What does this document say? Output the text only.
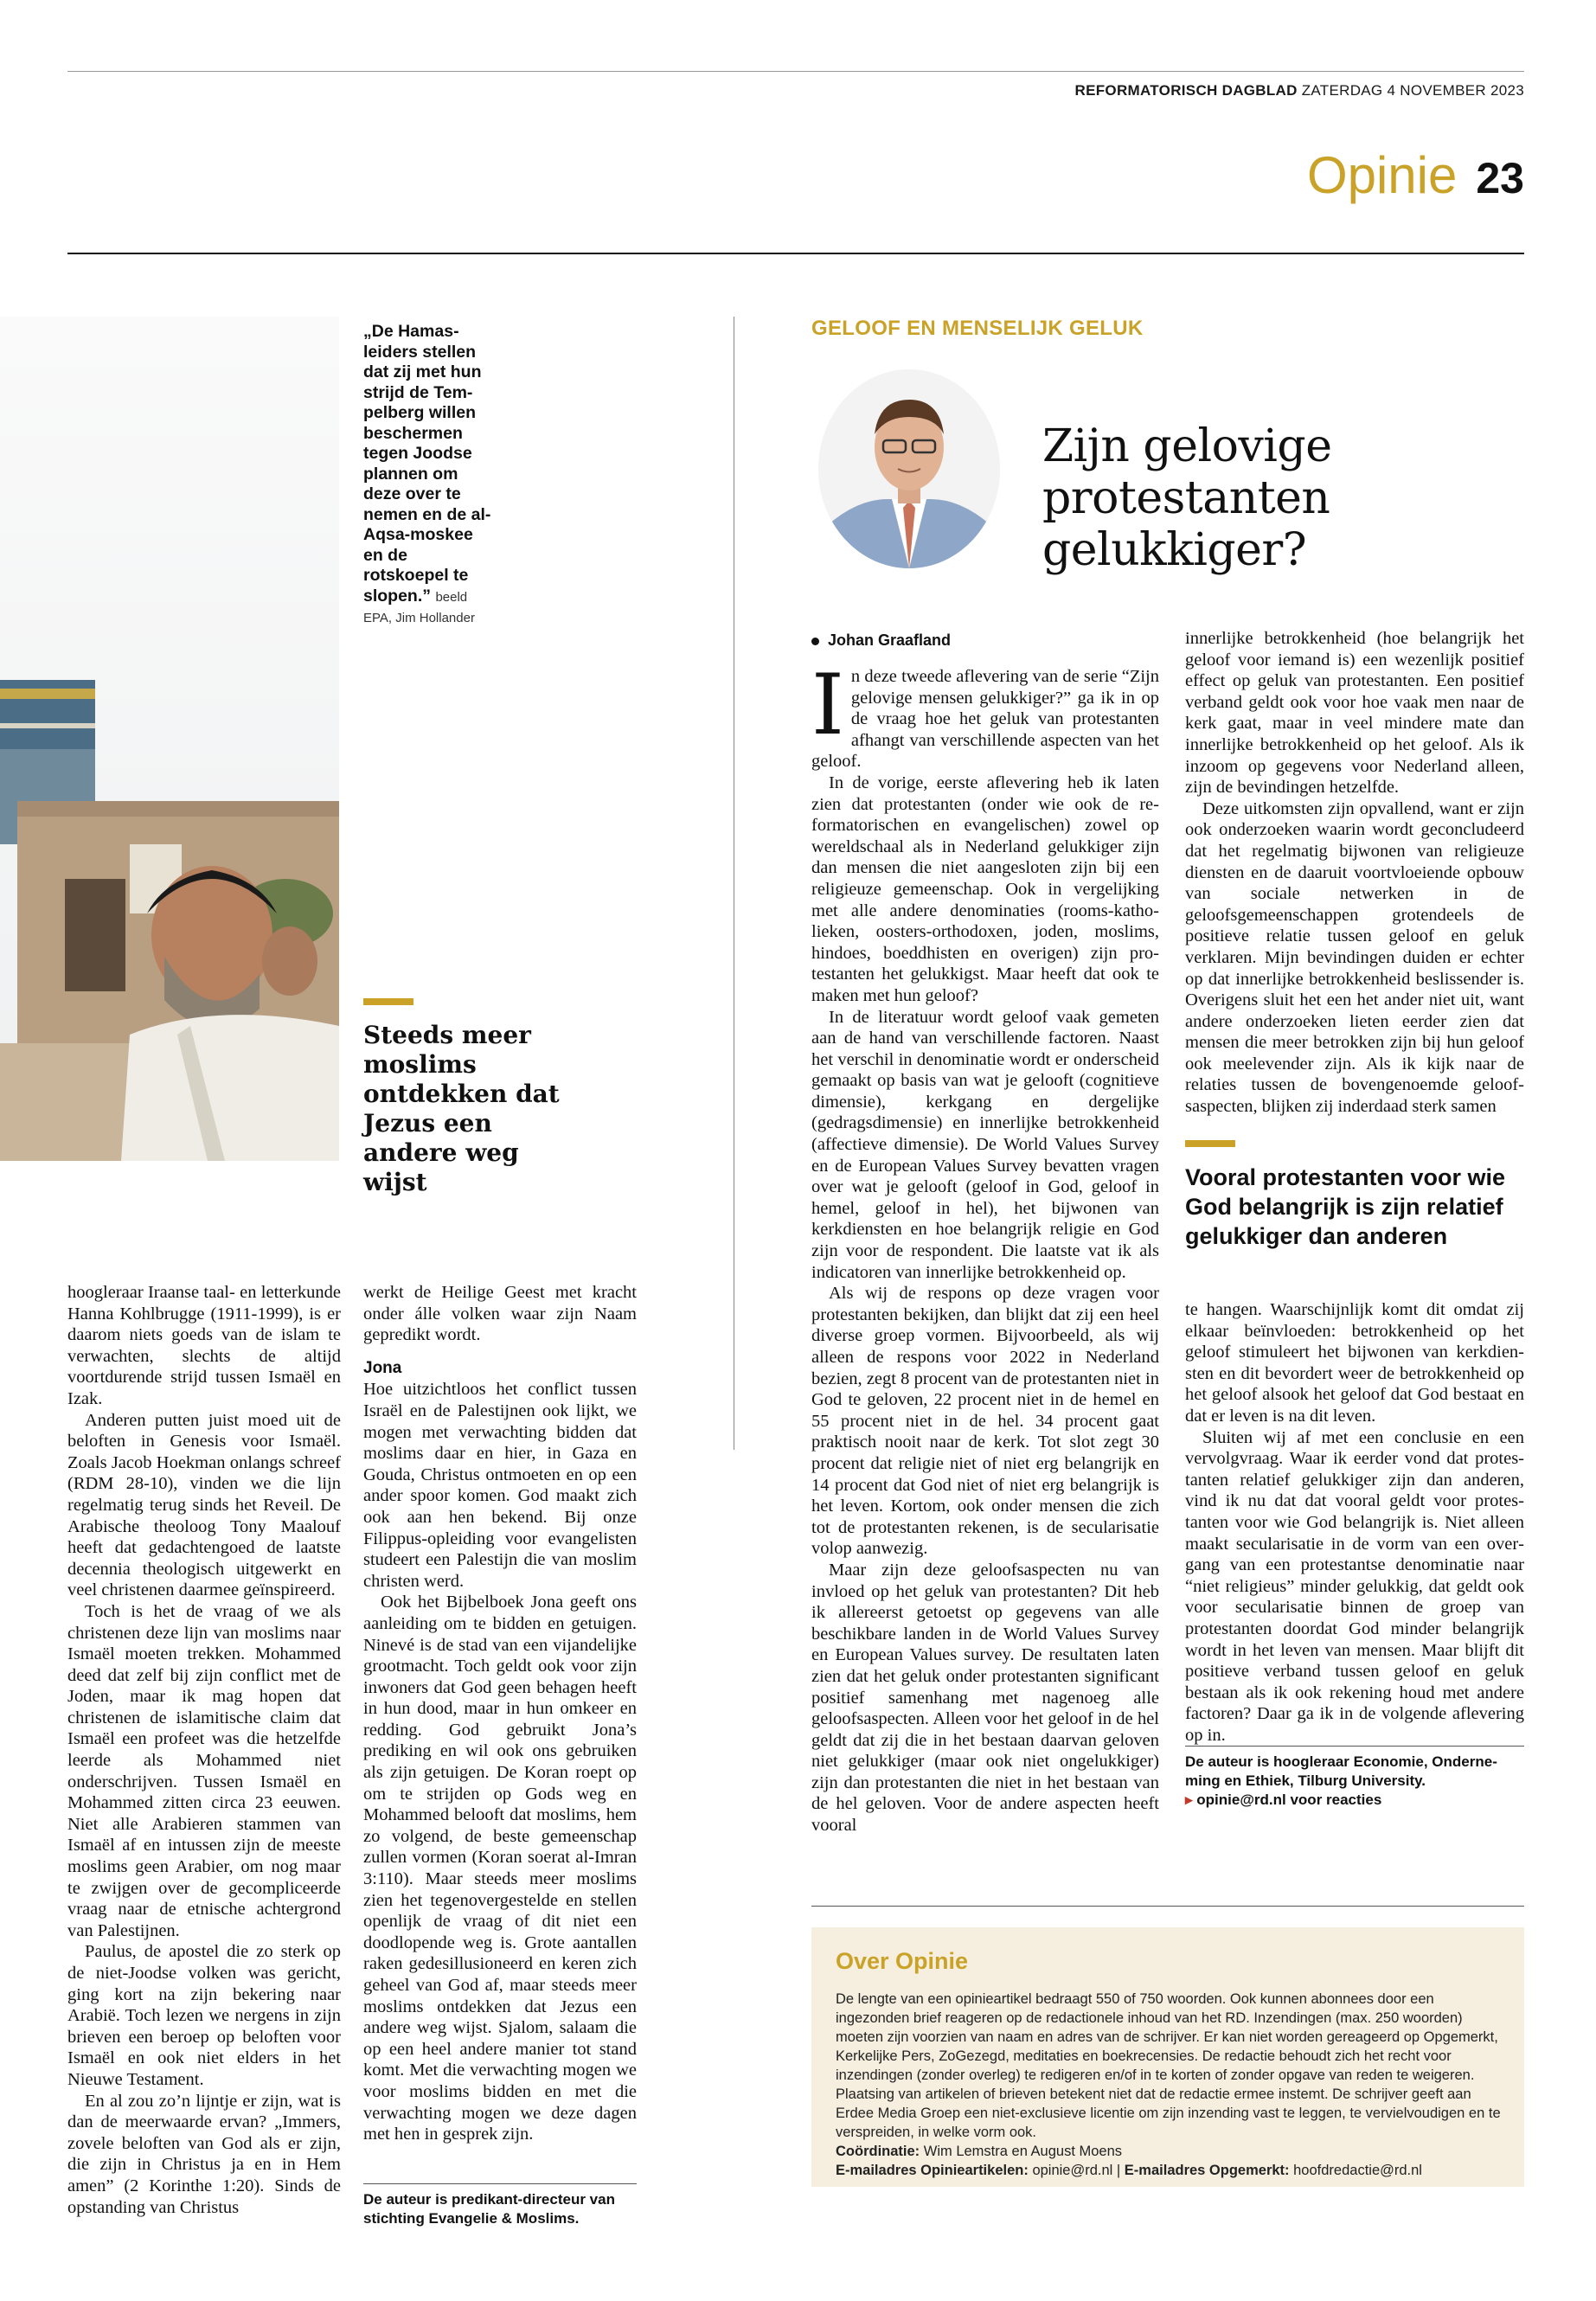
REFORMATORISCH DAGBLAD ZATERDAG 4 NOVEMBER 2023
Opinie 23
„De Hamasleiders stellen dat zij met hun strijd de Tempelberg willen beschermen tegen Joodse plannen om deze over te nemen en de al-Aqsa-moskee en de rotskoepel te slopen.” beeld EPA, Jim Hollander
Steeds meer moslims ontdekken dat Jezus een andere weg wijst

hoogleraar Iraanse taal- en letterkunde Hanna Kohlbrugge (1911-1999), is er daarom niets goeds van de islam te verwachten, slechts de altijd voortdurende strijd tussen Ismaël en Izak.

Anderen putten juist moed uit de beloften in Genesis voor Ismaël. Zoals Jacob Hoekman onlangs schreef (RDM 28-10), vinden we die lijn regelmatig terug sinds het Reveil. De Arabische theoloog Tony Maalouf heeft dat gedachtengoed de laatste decennia theologisch uitgewerkt en veel christenen daarmee geïnspireerd.

Toch is het de vraag of we als christenen deze lijn van moslims naar Ismaël moeten trekken. Mohammed deed dat zelf bij zijn conflict met de Joden, maar ik mag hopen dat christenen de islamitische claim dat Ismaël een profeet was die hetzelfde leerde als Mohammed niet onderschrijven. Tussen Ismaël en Mohammed zitten circa 23 eeuwen. Niet alle Arabieren stammen van Ismaël af en intussen zijn de meeste moslims geen Arabier, om nog maar te zwijgen over de gecompliceerde vraag naar de etnische achtergrond van Palestijnen.

Paulus, de apostel die zo sterk op de niet-Joodse volken was gericht, ging kort na zijn bekering naar Arabië. Toch lezen we nergens in zijn brieven een beroep op beloften voor Ismaël en ook niet elders in het Nieuwe Testament.

En al zou zo’n lijntje er zijn, wat is dan de meerwaarde ervan? „Immers, zovele beloften van God als er zijn, die zijn in Christus ja en in Hem amen” (2 Korinthe 1:20). Sinds de opstanding van Christus

werkt de Heilige Geest met kracht onder álle volken waar zijn Naam gepredikt wordt.

Jona

Hoe uitzichtloos het conflict tussen Israël en de Palestijnen ook lijkt, we mogen met verwachting bidden dat moslims daar en hier, in Gaza en Gouda, Christus ontmoeten en op een ander spoor komen. God maakt zich ook aan hen bekend. Bij onze Filippus-opleiding voor evangelisten studeert een Palestijn die van moslim christen werd.

Ook het Bijbelboek Jona geeft ons aanleiding om te bidden en getuigen. Ninevé is de stad van een vijandelijke grootmacht. Toch geldt ook voor zijn inwoners dat God geen behagen heeft in hun dood, maar in hun omkeer en redding. God gebruikt Jona’s prediking en wil ook ons gebruiken als zijn getuigen. De Koran roept op om te strijden op Gods weg en Mohammed belooft dat moslims, hem zo volgend, de beste gemeenschap zullen vormen (Koran soerat al-Imran 3:110). Maar steeds meer moslims zien het tegenovergestelde en stellen openlijk de vraag of dit niet een doodlopende weg is. Grote aantallen raken gedesillusioneerd en keren zich geheel van God af, maar steeds meer moslims ontdekken dat Jezus een andere weg wijst. Sjalom, salaam die op een heel andere manier tot stand komt. Met die verwachting mogen we voor moslims bidden en met die verwachting mogen we deze dagen met hen in gesprek zijn.

De auteur is predikant-directeur van stichting Evangelie & Moslims.
GELOOF EN MENSELIJK GELUK
Zijn gelovige protestanten gelukkiger?
Johan Graafland
I n deze tweede aflevering van de serie “Zijn gelovige mensen gelukkiger?” ga ik in op de vraag hoe het geluk van protestanten afhangt van verschillende aspecten van het geloof.

In de vorige, eerste aflevering heb ik laten zien dat protestanten (onder wie ook de reformatorischen en evangelischen) zowel op wereldschaal als in Nederland gelukkiger zijn dan mensen die niet aangesloten zijn bij een religieuze gemeenschap. Ook in vergelijking met alle andere denominaties (rooms-katholieken, oosters-orthodoxen, joden, moslims, hindoes, boeddhisten en overigen) zijn protestanten het gelukkigst. Maar heeft dat ook te maken met hun geloof?

In de literatuur wordt geloof vaak gemeten aan de hand van verschillende factoren. Naast het verschil in denominatie wordt er onderscheid gemaakt op basis van wat je gelooft (cognitieve dimensie), kerkgang en dergelijke (gedragsdimensie) en innerlijke betrokkenheid (affectieve dimensie). De World Values Survey en de European Values Survey bevatten vragen over wat je gelooft (geloof in God, geloof in hemel, geloof in hel), het bijwonen van kerkdiensten en hoe belangrijk religie en God zijn voor de respondent. Die laatste vat ik als indicatoren van innerlijke betrokkenheid op.

Als wij de respons op deze vragen voor protestanten bekijken, dan blijkt dat zij een heel diverse groep vormen. Bijvoorbeeld, als wij alleen de respons voor 2022 in Nederland bezien, zegt 8 procent van de protestanten niet in God te geloven, 22 procent niet in de hemel en 55 procent niet in de hel. 34 procent gaat praktisch nooit naar de kerk. Tot slot zegt 30 procent dat religie niet of niet erg belangrijk en 14 procent dat God niet of niet erg belangrijk is het leven. Kortom, ook onder mensen die zich tot de protestanten rekenen, is de secularisatie volop aanwezig.

Maar zijn deze geloofsaspecten nu van invloed op het geluk van protestanten? Dit heb ik allereerst getoetst op gegevens van alle beschikbare landen in de World Values Survey en European Values survey. De resultaten laten zien dat het geluk onder protestanten significant positief samenhang met nagenoeg alle geloofsaspecten. Alleen voor het geloof in de hel geldt dat zij die in het bestaan daarvan geloven niet gelukkiger (maar ook niet ongelukkiger) zijn dan protestanten die niet in het bestaan van de hel geloven. Voor de andere aspecten heeft vooral

innerlijke betrokkenheid (hoe belangrijk het geloof voor iemand is) een wezenlijk positief effect op geluk van protestanten. Een positief verband geldt ook voor hoe vaak men naar de kerk gaat, maar in veel mindere mate dan innerlijke betrokkenheid op het geloof. Als ik inzoom op gegevens voor Nederland alleen, zijn de bevindingen hetzelfde.

Deze uitkomsten zijn opvallend, want er zijn ook onderzoeken waarin wordt geconcludeerd dat het regelmatig bijwonen van religieuze diensten en de daaruit voortvloeiende opbouw van sociale netwerken in de geloofsgemeenschappen grotendeels de positieve relatie tussen geloof en geluk verklaren. Mijn bevindingen duiden er echter op dat innerlijke betrokkenheid beslissender is. Overigens sluit het een het ander niet uit, want andere onderzoeken lieten eerder zien dat mensen die meer betrokken zijn bij hun geloof ook meelevender zijn. Als ik kijk naar de relaties tussen de bovengenoemde geloofsaspecten, blijken zij inderdaad sterk samen

Vooral protestanten voor wie God belangrijk is zijn relatief gelukkiger dan anderen

te hangen. Waarschijnlijk komt dit omdat zij elkaar beïnvloeden: betrokkenheid op het geloof stimuleert het bijwonen van kerkdiensten en dit bevordert weer de betrokkenheid op het geloof alsook het geloof dat God bestaat en dat er leven is na dit leven.

Sluiten wij af met een conclusie en een vervolgvraag. Waar ik eerder vond dat protestanten relatief gelukkiger zijn dan anderen, vind ik nu dat dat vooral geldt voor protestanten voor wie God belangrijk is. Niet alleen maakt secularisatie in de vorm van een overgang van een protestantse denominatie naar “niet religieus” minder gelukkig, dat geldt ook voor secularisatie binnen de groep van protestanten doordat God minder belangrijk wordt in het leven van mensen. Maar blijft dit positieve verband tussen geloof en geluk bestaan als ik ook rekening houd met andere factoren? Daar ga ik in de volgende aflevering op in.

De auteur is hoogleraar Economie, Onderneming en Ethiek, Tilburg University.
▸ opinie@rd.nl voor reacties
Over Opinie
De lengte van een opinieartikel bedraagt 550 of 750 woorden. Ook kunnen abonnees door een ingezonden brief reageren op de redactionele inhoud van het RD. Inzendingen (max. 250 woorden) moeten zijn voorzien van naam en adres van de schrijver. Er kan niet worden gereageerd op Opgemerkt, Kerkelijke Pers, ZoGezegd, meditaties en boekrecensies. De redactie behoudt zich het recht voor inzendingen (zonder overleg) te redigeren en/of in te korten of zonder opgave van reden te weigeren. Plaatsing van artikelen of brieven betekent niet dat de redactie ermee instemt. De schrijver geeft aan Erdee Media Groep een niet-exclusieve licentie om zijn inzending vast te leggen, te vervielvoudigen en te verspreiden, in welke vorm ook.
Coördinatie: Wim Lemstra en August Moens
E-mailadres Opinieartikelen: opinie@rd.nl | E-mailadres Opgemerkt: hoofdredactie@rd.nl
